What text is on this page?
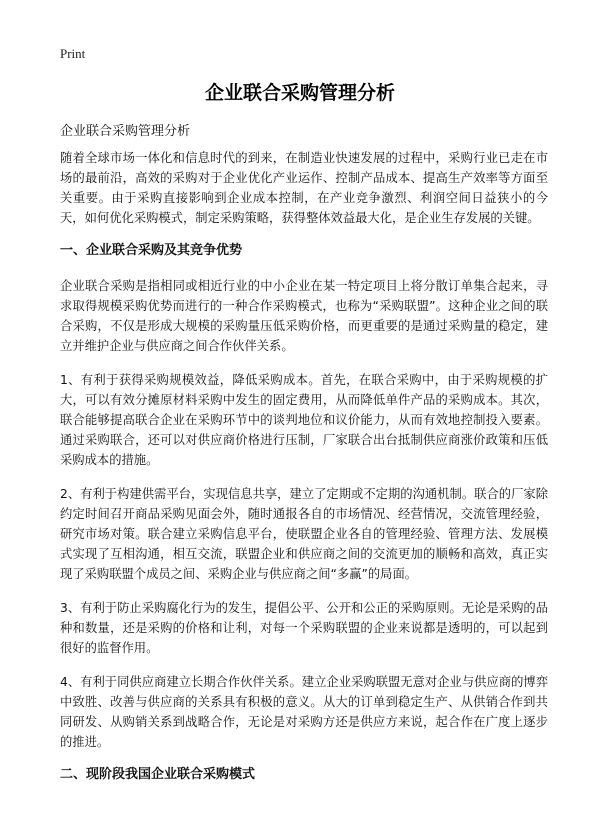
Print
企业联合采购管理分析
企业联合采购管理分析

随着全球市场一体化和信息时代的到来，在制造业快速发展的过程中，采购行业已走在市场的最前沿，高效的采购对于企业优化产业运作、控制产品成本、提高生产效率等方面至关重要。由于采购直接影响到企业成本控制，在产业竞争激烈、利润空间日益狭小的今天，如何优化采购模式，制定采购策略，获得整体效益最大化，是企业生存发展的关键。

一、企业联合采购及其竞争优势

企业联合采购是指相同或相近行业的中小企业在某一特定项目上将分散订单集合起来，寻求取得规模采购优势而进行的一种合作采购模式，也称为“采购联盟”。这种企业之间的联合采购，不仅是形成大规模的采购量压低采购价格，而更重要的是通过采购量的稳定，建立并维护企业与供应商之间合作伙伴关系。

1、有利于获得采购规模效益，降低采购成本。首先，在联合采购中，由于采购规模的扩大，可以有效分摊原材料采购中发生的固定费用，从而降低单件产品的采购成本。其次，联合能够提高联合企业在采购环节中的谈判地位和议价能力，从而有效地控制投入要素。通过采购联合，还可以对供应商价格进行压制，厂家联合出台抵制供应商涨价政策和压低采购成本的措施。

2、有利于构建供需平台，实现信息共享，建立了定期或不定期的沟通机制。联合的厂家除约定时间召开商品采购见面会外，随时通报各自的市场情况、经营情况，交流管理经验，研究市场对策。联合建立采购信息平台，使联盟企业各自的管理经验、管理方法、发展模式实现了互相沟通，相互交流，联盟企业和供应商之间的交流更加的顺畅和高效，真正实现了采购联盟个成员之间、采购企业与供应商之间“多赢”的局面。

3、有利于防止采购腐化行为的发生，提倡公平、公开和公正的采购原则。无论是采购的品种和数量，还是采购的价格和让利，对每一个采购联盟的企业来说都是透明的，可以起到很好的监督作用。

4、有利于同供应商建立长期合作伙伴关系。建立企业采购联盟无意对企业与供应商的博弈中致胜、改善与供应商的关系具有积极的意义。从大的订单到稳定生产、从供销合作到共同研发、从购销关系到战略合作，无论是对采购方还是供应方来说，起合作在广度上逐步的推进。

二、现阶段我国企业联合采购模式
